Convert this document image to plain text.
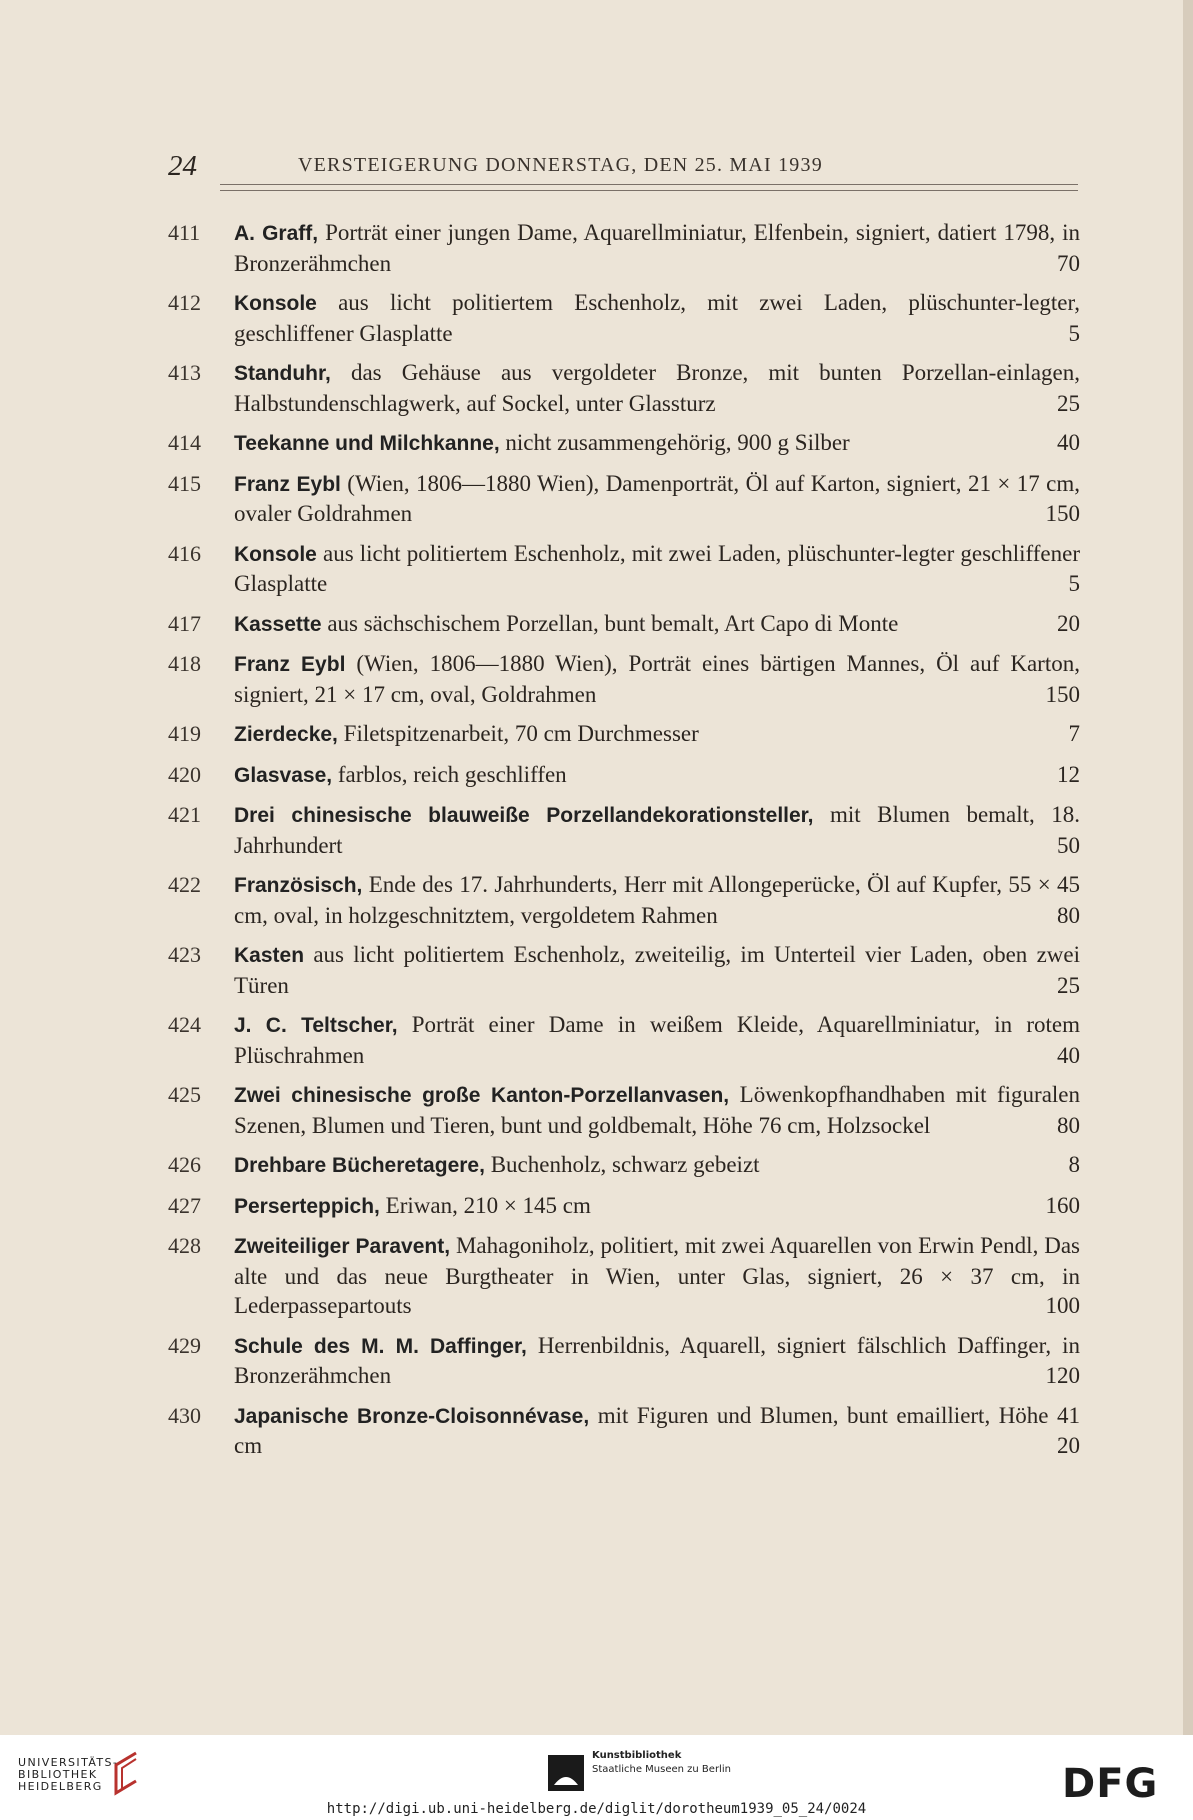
24	VERSTEIGERUNG DONNERSTAG, DEN 25. MAI 1939
411	A. Graff, Porträt einer jungen Dame, Aquarellminiatur, Elfenbein, signiert, datiert 1798, in Bronzerähmchen	70
412	Konsole aus licht politiertem Eschenholz, mit zwei Laden, plüschunter-legter, geschliffener Glasplatte	5
413	Standuhr, das Gehäuse aus vergoldeter Bronze, mit bunten Porzellan-einlagen, Halbstundenschlagwerk, auf Sockel, unter Glassturz	25
414	Teekanne und Milchkanne, nicht zusammengehörig, 900 g Silber	40
415	Franz Eybl (Wien, 1806—1880 Wien), Damenporträt, Öl auf Karton, signiert, 21 × 17 cm, ovaler Goldrahmen	150
416	Konsole aus licht politiertem Eschenholz, mit zwei Laden, plüschunter-legter geschliffener Glasplatte	5
417	Kassette aus sächschischem Porzellan, bunt bemalt, Art Capo di Monte	20
418	Franz Eybl (Wien, 1806—1880 Wien), Porträt eines bärtigen Mannes, Öl auf Karton, signiert, 21 × 17 cm, oval, Goldrahmen	150
419	Zierdecke, Filetspitzenarbeit, 70 cm Durchmesser	7
420	Glasvase, farblos, reich geschliffen	12
421	Drei chinesische blauweiße Porzellandekorationsteller, mit Blumen bemalt, 18. Jahrhundert	50
422	Französisch, Ende des 17. Jahrhunderts, Herr mit Allongeperücke, Öl auf Kupfer, 55 × 45 cm, oval, in holzgeschnitztem, vergoldetem Rahmen	80
423	Kasten aus licht politiertem Eschenholz, zweiteilig, im Unterteil vier Laden, oben zwei Türen	25
424	J. C. Teltscher, Porträt einer Dame in weißem Kleide, Aquarellminiatur, in rotem Plüschrahmen	40
425	Zwei chinesische große Kanton-Porzellanvasen, Löwenkopfhandhaben mit figuralen Szenen, Blumen und Tieren, bunt und goldbemalt, Höhe 76 cm, Holzsockel	80
426	Drehbare Bücheretagere, Buchenholz, schwarz gebeizt	8
427	Perserteppich, Eriwan, 210 × 145 cm	160
428	Zweiteiliger Paravent, Mahagoniholz, politiert, mit zwei Aquarellen von Erwin Pendl, Das alte und das neue Burgtheater in Wien, unter Glas, signiert, 26 × 37 cm, in Lederpassepartouts	100
429	Schule des M. M. Daffinger, Herrenbildnis, Aquarell, signiert fälschlich Daffinger, in Bronzerähmchen	120
430	Japanische Bronze-Cloisonnévase, mit Figuren und Blumen, bunt emailliert, Höhe 41 cm	20
UNIVERSITÄTS-
BIBLIOTHEK
HEIDELBERG
Kunstbibliothek
Staatliche Museen zu Berlin	DFG
http://digi.ub.uni-heidelberg.de/diglit/dorotheum1939_05_24/0024
